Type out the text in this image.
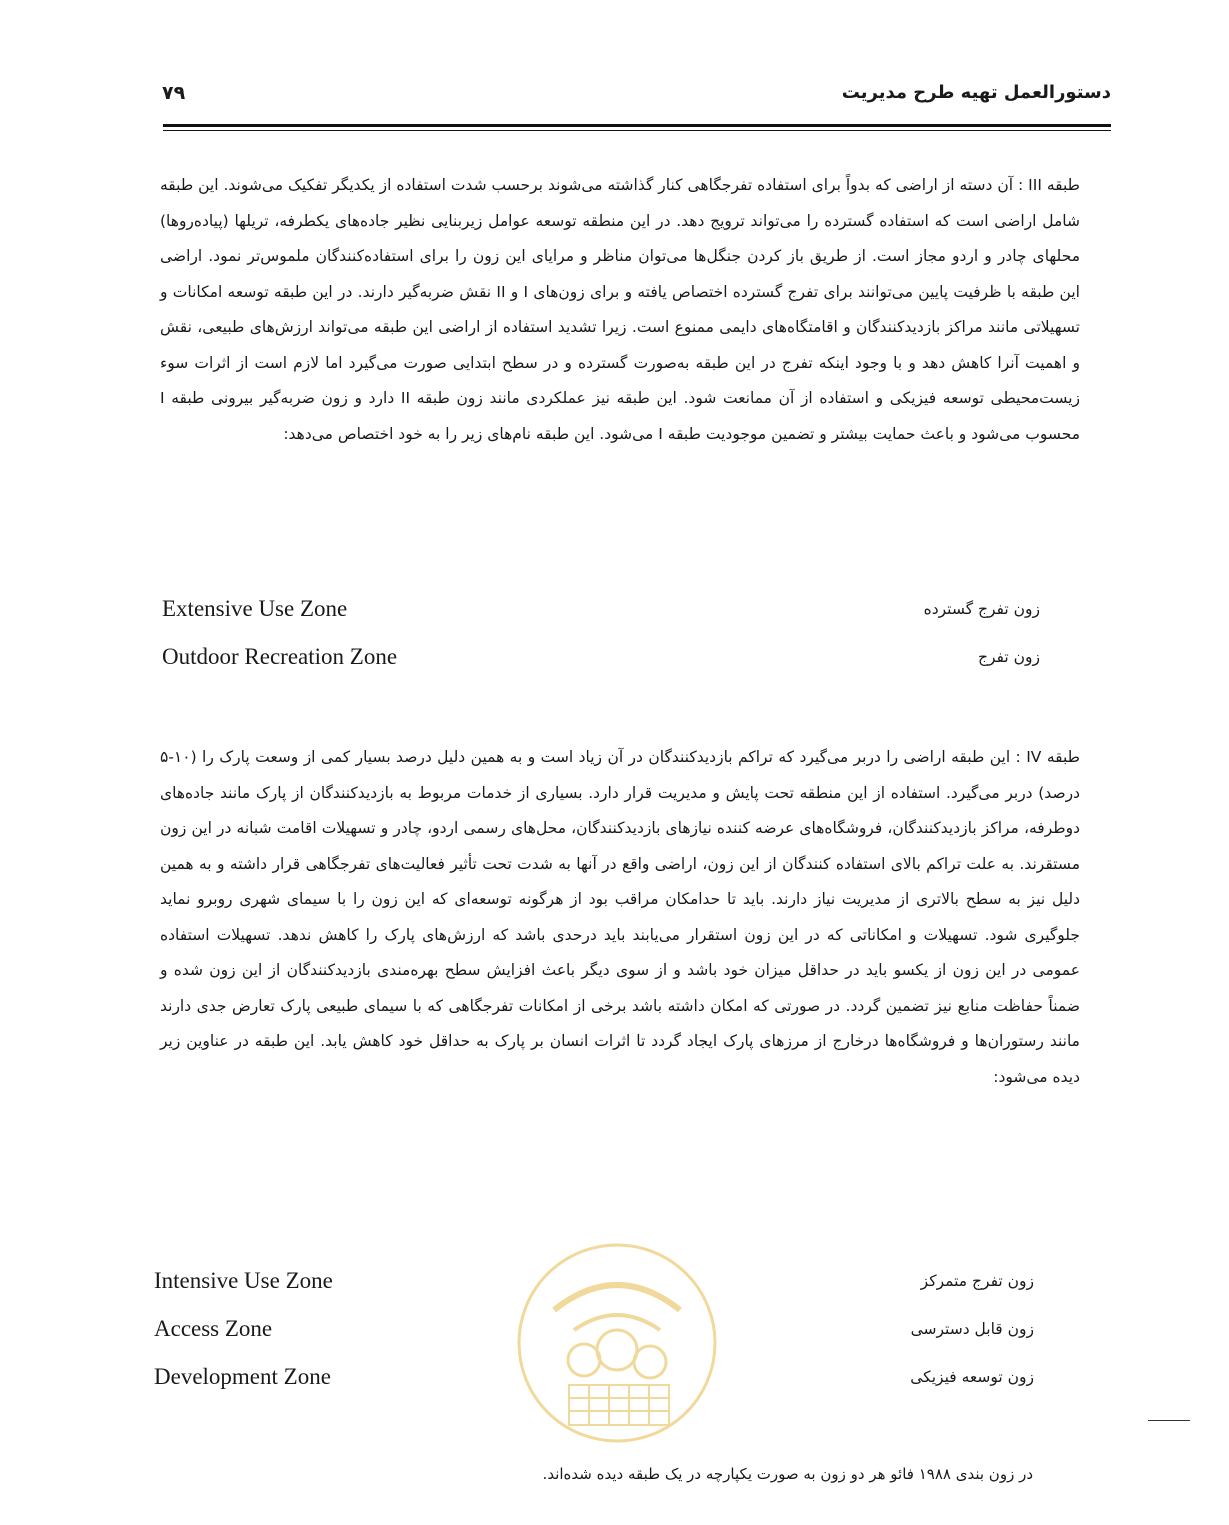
۷۹	دستورالعمل تهیه طرح مدیریت

طبقه III : آن دسته از اراضی که بدواً برای استفاده تفرجگاهی کنار گذاشته می‌شوند برحسب شدت استفاده از یکدیگر تفکیک می‌شوند. این طبقه شامل اراضی است که استفاده گسترده را می‌تواند ترویج دهد. در این منطقه توسعه عوامل زیربنایی نظیر جاده‌های یکطرفه، تریلها (پیاده‌روها) محلهای چادر و اردو مجاز است. از طریق باز کردن جنگل‌ها می‌توان مناظر و مرایای این زون را برای استفاده‌کنندگان ملموس‌تر نمود. اراضی این طبقه با ظرفیت پایین می‌توانند برای تفرج گسترده اختصاص یافته و برای زون‌های I و II نقش ضربه‌گیر دارند. در این طبقه توسعه امکانات و تسهیلاتی مانند مراکز بازدیدکنندگان و اقامتگاه‌های دایمی ممنوع است. زیرا تشدید استفاده از اراضی این طبقه می‌تواند ارزش‌های طبیعی، نقش و اهمیت آنرا کاهش دهد و با وجود اینکه تفرج در این طبقه به‌صورت گسترده و در سطح ابتدایی صورت می‌گیرد اما لازم است از اثرات سوء زیست‌محیطی توسعه فیزیکی و استفاده از آن ممانعت شود. این طبقه نیز عملکردی مانند زون طبقه II دارد و زون ضربه‌گیر بیرونی طبقه I محسوب می‌شود و باعث حمایت بیشتر و تضمین موجودیت طبقه I می‌شود. این طبقه نام‌های زیر را به خود اختصاص می‌دهد:

Extensive Use Zone	زون تفرج گسترده
Outdoor Recreation Zone	زون تفرج

طبقه IV : این طبقه اراضی را دربر می‌گیرد که تراکم بازدیدکنندگان در آن زیاد است و به همین دلیل درصد بسیار کمی از وسعت پارک را (۱۰-۵ درصد) دربر می‌گیرد. استفاده از این منطقه تحت پایش و مدیریت قرار دارد. بسیاری از خدمات مربوط به بازدیدکنندگان از پارک مانند جاده‌های دوطرفه، مراکز بازدیدکنندگان، فروشگاه‌های عرضه کننده نیازهای بازدیدکنندگان، محل‌های رسمی اردو، چادر و تسهیلات اقامت شبانه در این زون مستقرند. به علت تراکم بالای استفاده کنندگان از این زون، اراضی واقع در آنها به شدت تحت تأثیر فعالیت‌های تفرجگاهی قرار داشته و به همین دلیل نیز به سطح بالاتری از مدیریت نیاز دارند. باید تا حدامکان مراقب بود از هرگونه توسعه‌ای که این زون را با سیمای شهری روبرو نماید جلوگیری شود. تسهیلات و امکاناتی که در این زون استقرار می‌یابند باید درحدی باشد که ارزش‌های پارک را کاهش ندهد. تسهیلات استفاده عمومی در این زون از یکسو باید در حداقل میزان خود باشد و از سوی دیگر باعث افزایش سطح بهره‌مندی بازدیدکنندگان از این زون شده و ضمناً حفاظت منابع نیز تضمین گردد. در صورتی که امکان داشته باشد برخی از امکانات تفرجگاهی که با سیمای طبیعی پارک تعارض جدی دارند مانند رستوران‌ها و فروشگاه‌ها درخارج از مرزهای پارک ایجاد گردد تا اثرات انسان بر پارک به حداقل خود کاهش یابد. این طبقه در عناوین زیر دیده می‌شود:

Intensive Use Zone	زون تفرج متمرکز
Access Zone	زون قابل دسترسی
Development Zone	زون توسعه فیزیکی
در زون بندی ۱۹۸۸ فائو هر دو زون به صورت یکپارچه در یک طبقه دیده شده‌اند.
